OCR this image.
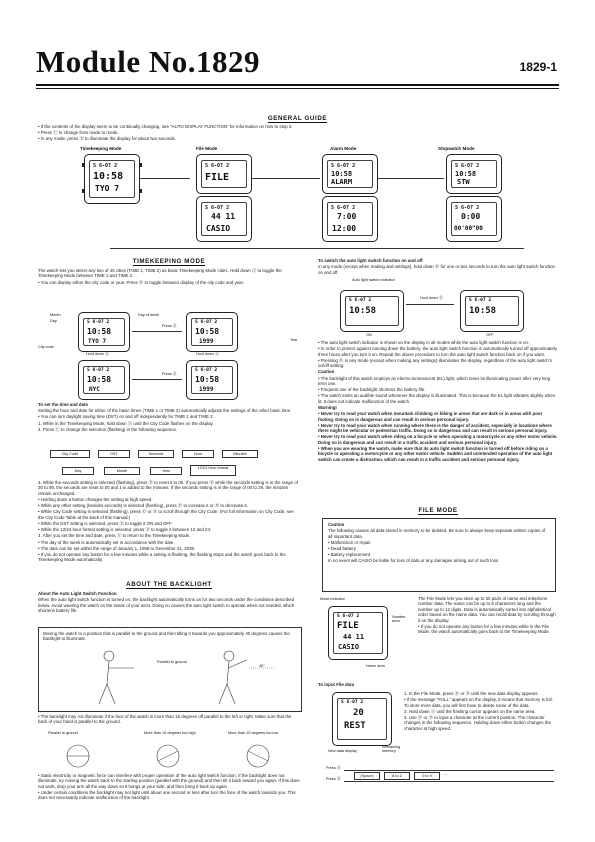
Module No.1829	1829-1
GENERAL GUIDE

• If the contents of the display seem to be continually changing, see "AUTO DISPLAY FUNCTION" for information on how to stop it.

• Press Ⓒ to change from mode to mode.

• In any mode, press Ⓑ to illuminate the display for about two seconds.

Timekeeping Mode	File Mode	Alarm Mode	Stopwatch Mode
S 6-07 2
10:58
TYO 7
S 6-07 2
FILE
S 6-07 2
44 11
CASIO
S 6-07 2
10:58
ALARM
S 6-07 2
7:00
12:00
S 6-07 2
10:58
STW
S 6-07 2
0:00
00'00"00
TIMEKEEPING MODE

The watch lets you select any two of 45 cities (TIME 1, TIME 2) as basic Timekeeping Mode cities. Hold down Ⓐ to toggle the Timekeeping Mode between TIME 1 and TIME 2.

• You can display either the city code or year. Press Ⓑ to toggle between display of the city code and year.

Month
Day
Day of week
City code
Year
S 6-07 2
10:58
TYO 7
Press Ⓓ
S 6-07 2
10:58
1999
Hold down Ⓐ	Hold down Ⓐ
S 6-07 2
10:58
NYC
Press Ⓓ
S 6-07 2
10:58
1999

To set the time and date

Setting the hour and date for either of the basic times (TIME 1 or TIME 2) automatically adjusts the settings of the other basic time.

• You can turn daylight saving time (DST) on and off independently for TIME 1 and TIME 2.

1. While in the Timekeeping Mode, hold down Ⓐ until the City Code flashes on the display.

2. Press Ⓒ to change the selection (flashing) in the following sequence.

City Code	DST	Seconds	Hour	Minutes
Day	Month	Year
12/24 Hour format

3. While the seconds setting is selected (flashing), press Ⓓ to reset it to 00. If you press Ⓓ while the seconds setting is in the range of 30 to 59, the seconds are reset to 00 and 1 is added to the minutes. If the seconds setting is in the range of 00 to 29, the minutes remain unchanged.

• Holding down a button changes the setting at high speed.

• While any other setting (besides seconds) is selected (flashing), press Ⓓ to increase it or Ⓑ to decrease it.

• While City Code setting is selected (flashing), press Ⓓ or Ⓑ to scroll through the City Code. (For full information on City Code, see the City Code Table at the back of this manual.)

• While the DST setting is selected, press Ⓓ to toggle it ON and OFF.

• While the 12/24 hour format setting is selected, press Ⓓ to toggle it between 12 and 24.

4. After you set the time and date, press Ⓐ to return to the Timekeeping Mode.

• The day of the week is automatically set in accordance with the date.

• The date can be set within the range of January 1, 1995 to December 31, 2039.

• If you do not operate any button for a few minutes while a setting is flashing, the flashing stops and the watch goes back to the Timekeeping Mode automatically.

ABOUT THE BACKLIGHT

About the Auto Light Switch Function

When the auto light switch function is turned on, the backlight automatically turns on for two seconds under the conditions described below. Avoid wearing the watch on the inside of your wrist. Doing so causes the auto light switch to operate when not needed, which shortens battery life.

Moving the watch to a position that is parallel to the ground and then tilting it towards you approximately 40 degrees causes the backlight to illuminate.
Parallel to ground
40°
• The backlight may not illuminate if the face of the watch is more than 15 degrees off parallel to the left or right. Make sure that the back of your hand is parallel to the ground.
Parallel to ground	More than 15 degrees too high	More than 15 degrees too low

• Static electricity or magnetic force can interfere with proper operation of the auto light switch function. If the backlight does not illuminate, try moving the watch back to the starting position (parallel with the ground) and then tilt it back toward you again. If this does not work, drop your arm all the way down so it hangs at your side, and then bring it back up again.

• Under certain conditions the backlight may not light until about one second or less after turn the face of the watch towards you. This does not necessarily indicate malfunction of the backlight.

To switch the auto light switch function on and off

In any mode (except when making and settings), hold down Ⓑ for one or two seconds to turn the auto light switch function on and off.

Auto light switch indicator
S 6-07 2
10:58
Hold down Ⓑ	S 6-07 2
10:58
ON	OFF

• The auto light switch indicator is shown on the display in all modes while the auto light switch function is on.

• In order to protect against running down the battery, the auto light switch function is automatically turned off approximately three hours after you turn it on. Repeat the above procedure to turn the auto light switch function back on if you want.

• Pressing Ⓑ in any mode (except when making any settings) illuminates the display, regardless of the auto light switch's on/off setting.

Caution

• The backlight of this watch employs an electro-luminescent (EL) light, which loses its illuminating power after very long term use.

• Frequent use of the backlight shortens the battery life.

• The watch emits an audible sound whenever the display is illuminated. This is because the EL light vibrates slightly when lit. It does not indicate malfunction of the watch.

Warning!

• Never try to read your watch when mountain climbing or hiking in areas that are dark or in areas with poor footing. Doing so is dangerous and can result in serious personal injury.

• Never try to read your watch when running where there is the danger of accident, especially in locations where there might be vehicular or pedestrian traffic. Doing so is dangerous and can result in serious personal injury.

• Never try to read your watch when riding on a bicycle or when operating a motorcycle or any other motor vehicle. Doing so is dangerous and can result in a traffic accident and serious personal injury.

• When you are wearing the watch, make sure that its auto light switch function is turned off before riding on a bicycle or operating a motorcycle or any other motor vehicle. Sudden and unintended operation of the auto light switch can create a distraction, which can result in a traffic accident and serious personal injury.

FILE MODE

Caution

The following causes all data stored in memory to be deleted. Be sure to always keep separate written copies of all important data.

• Malfunction or repair

• Dead battery

• Battery replacement

In no event will CASIO be liable for loss of data or any damages arising out of such loss.

Mode indicator
S 6-07 2
FILE
44 11
CASIO
Number area
Name area

The File Mode lets you store up to 30 pairs of name and telephone number data. The name can be up to 8 characters long and the number up to 12 digits. Data is automatically sorted into alphabetical order based on the name data. You can recall data by scrolling through it on the display.

• If you do not operate any button for a few minutes while in the File Mode, the watch automatically goes back to the Timekeeping Mode.

To input File data
S 6-07 2
20
REST
New data display
Remaining memory

1. In the File Mode, press Ⓓ or Ⓑ until the new data display appears.

• If the message "FULL" appears on the display, it means that memory is full. To store more data, you will first have to delete some of the data.

2. Hold down Ⓐ until the flashing cursor appears on the name area.

3. Use Ⓓ or Ⓑ to input a character at the current position. The character changes in the following sequence. Holding down either button changes the character at high speed.

Press Ⓓ
Press Ⓑ
(Space)	A to Z	0 to 9	...
